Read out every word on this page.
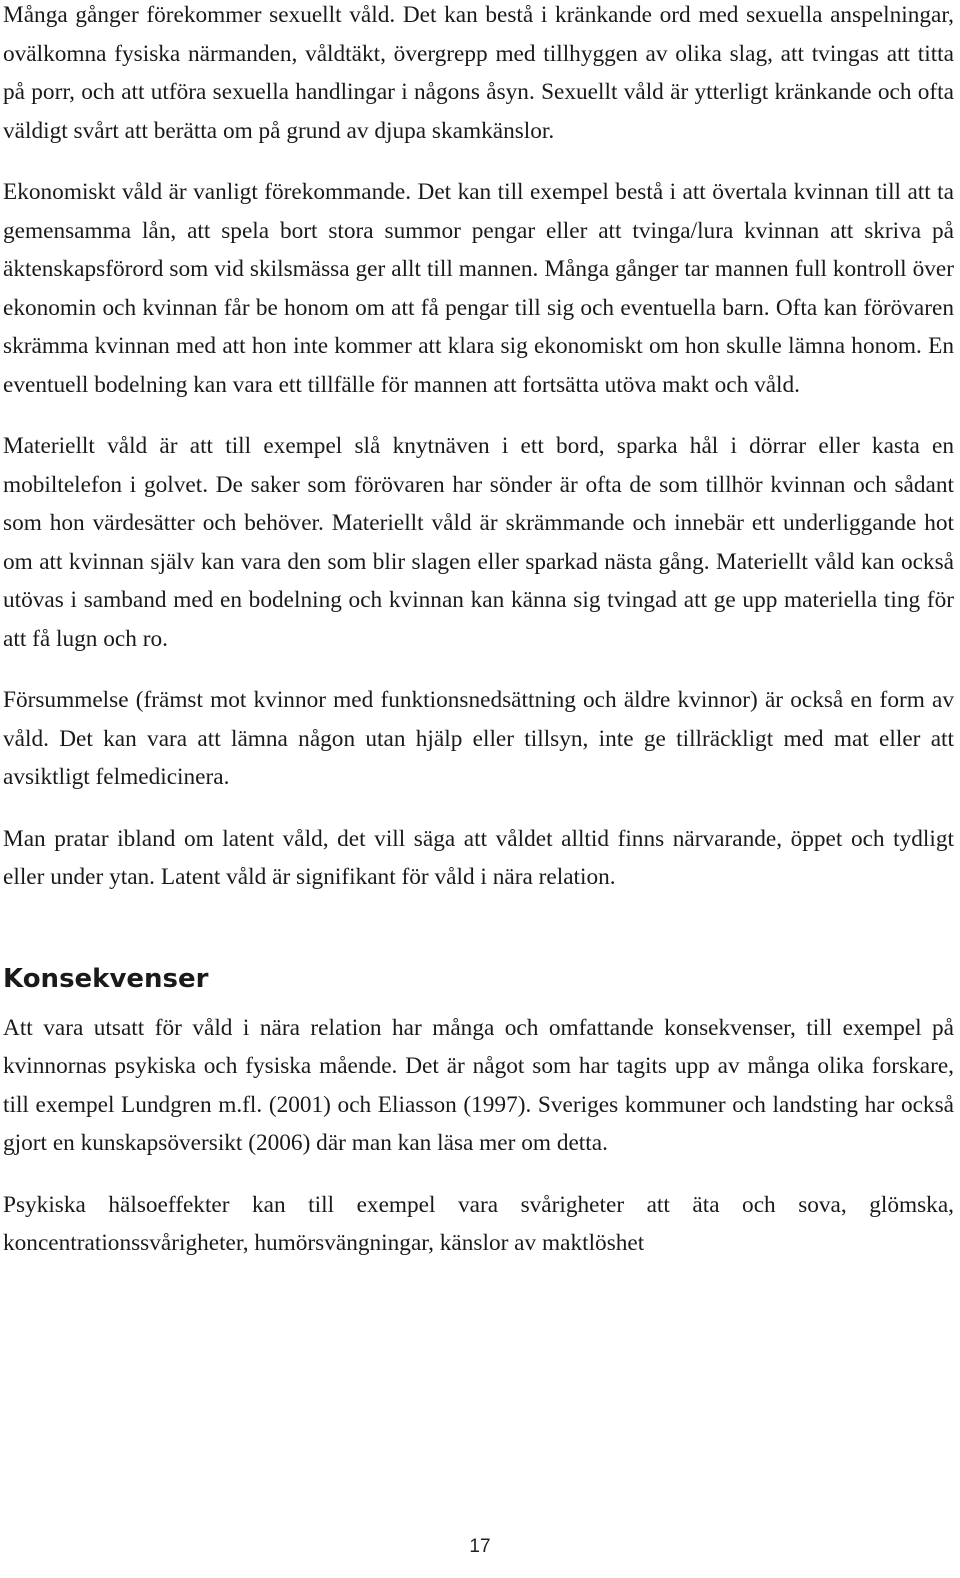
Många gånger förekommer sexuellt våld. Det kan bestå i kränkande ord med sexuella anspelningar, ovälkomna fysiska närmanden, våldtäkt, övergrepp med tillhyggen av olika slag, att tvingas att titta på porr, och att utföra sexuella handlingar i någons åsyn. Sexuellt våld är ytterligt kränkande och ofta väldigt svårt att berätta om på grund av djupa skamkänslor.

Ekonomiskt våld är vanligt förekommande. Det kan till exempel bestå i att övertala kvinnan till att ta gemensamma lån, att spela bort stora summor pengar eller att tvinga/lura kvinnan att skriva på äktenskapsförord som vid skilsmässa ger allt till mannen. Många gånger tar mannen full kontroll över ekonomin och kvinnan får be honom om att få pengar till sig och eventuella barn. Ofta kan förövaren skrämma kvinnan med att hon inte kommer att klara sig ekonomiskt om hon skulle lämna honom. En eventuell bodelning kan vara ett tillfälle för mannen att fortsätta utöva makt och våld.

Materiellt våld är att till exempel slå knytnäven i ett bord, sparka hål i dörrar eller kasta en mobiltelefon i golvet. De saker som förövaren har sönder är ofta de som tillhör kvinnan och sådant som hon värdesätter och behöver. Materiellt våld är skrämmande och innebär ett underliggande hot om att kvinnan själv kan vara den som blir slagen eller sparkad nästa gång. Materiellt våld kan också utövas i samband med en bodelning och kvinnan kan känna sig tvingad att ge upp materiella ting för att få lugn och ro.

Försummelse (främst mot kvinnor med funktionsnedsättning och äldre kvinnor) är också en form av våld. Det kan vara att lämna någon utan hjälp eller tillsyn, inte ge tillräckligt med mat eller att avsiktligt felmedicinera.

Man pratar ibland om latent våld, det vill säga att våldet alltid finns närvarande, öppet och tydligt eller under ytan. Latent våld är signifikant för våld i nära relation.

Konsekvenser

Att vara utsatt för våld i nära relation har många och omfattande konsekvenser, till exempel på kvinnornas psykiska och fysiska mående. Det är något som har tagits upp av många olika forskare, till exempel Lundgren m.fl. (2001) och Eliasson (1997). Sveriges kommuner och landsting har också gjort en kunskapsöversikt (2006) där man kan läsa mer om detta.

Psykiska hälsoeffekter kan till exempel vara svårigheter att äta och sova, glömska, koncentrationssvårigheter, humörsvängningar, känslor av maktlöshet

17
